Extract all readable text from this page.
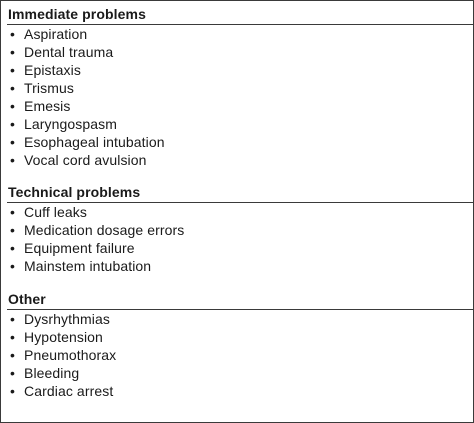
Immediate problems
• Aspiration
• Dental trauma
• Epistaxis
• Trismus
• Emesis
• Laryngospasm
• Esophageal intubation
• Vocal cord avulsion
Technical problems
• Cuff leaks
• Medication dosage errors
• Equipment failure
• Mainstem intubation
Other
• Dysrhythmias
• Hypotension
• Pneumothorax
• Bleeding
• Cardiac arrest
